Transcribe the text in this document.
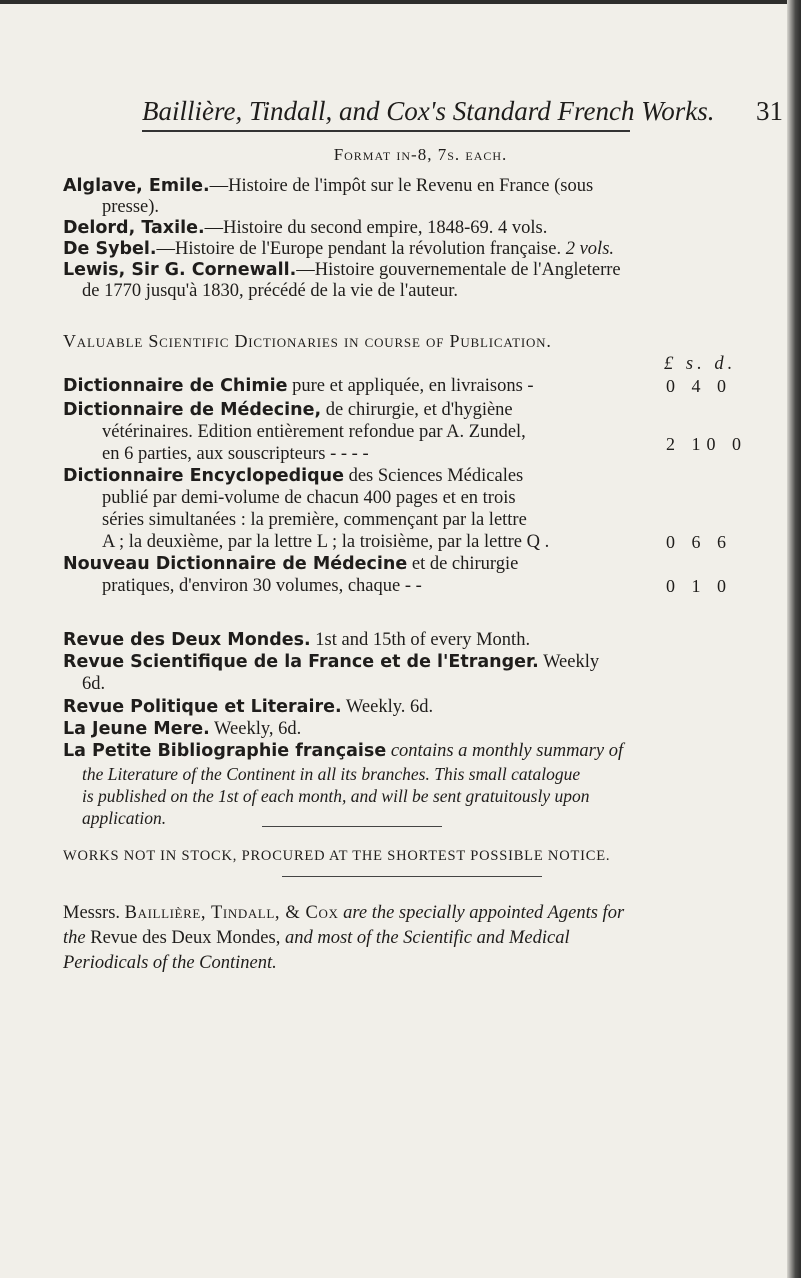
Baillière, Tindall, and Cox's Standard French Works. 31
Format in-8, 7s. each.
Alglave, Emile.—Histoire de l'impôt sur le Revenu en France (sous
presse).
Delord, Taxile.—Histoire du second empire, 1848-69. 4 vols.
De Sybel.—Histoire de l'Europe pendant la révolution française. 2 vols.
Lewis, Sir G. Cornewall.—Histoire gouvernementale de l'Angleterre
de 1770 jusqu'à 1830, précédé de la vie de l'auteur.
Valuable Scientific Dictionaries in course of Publication.
£ s. d.
Dictionnaire de Chimie pure et appliquée, en livraisons -	0 4 0
Dictionnaire de Médecine, de chirurgie, et d'hygiène
vétérinaires. Edition entièrement refondue par A. Zundel,
en 6 parties, aux souscripteurs - - - -	2 10 0
Dictionnaire Encyclopedique des Sciences Médicales
publié par demi-volume de chacun 400 pages et en trois
séries simultanées : la première, commençant par la lettre
A ; la deuxième, par la lettre L ; la troisième, par la lettre Q .	0 6 6
Nouveau Dictionnaire de Médecine et de chirurgie
pratiques, d'environ 30 volumes, chaque - -	0 1 0
Revue des Deux Mondes. 1st and 15th of every Month.
Revue Scientifique de la France et de l'Etranger. Weekly
6d.
Revue Politique et Literaire. Weekly. 6d.
La Jeune Mere. Weekly, 6d.
La Petite Bibliographie française contains a monthly summary of
the Literature of the Continent in all its branches. This small catalogue
is published on the 1st of each month, and will be sent gratuitously upon
application.
WORKS NOT IN STOCK, PROCURED AT THE SHORTEST POSSIBLE NOTICE.
Messrs. Baillière, Tindall, & Cox are the specially appointed Agents for
the Revue des Deux Mondes, and most of the Scientific and Medical
Periodicals of the Continent.
